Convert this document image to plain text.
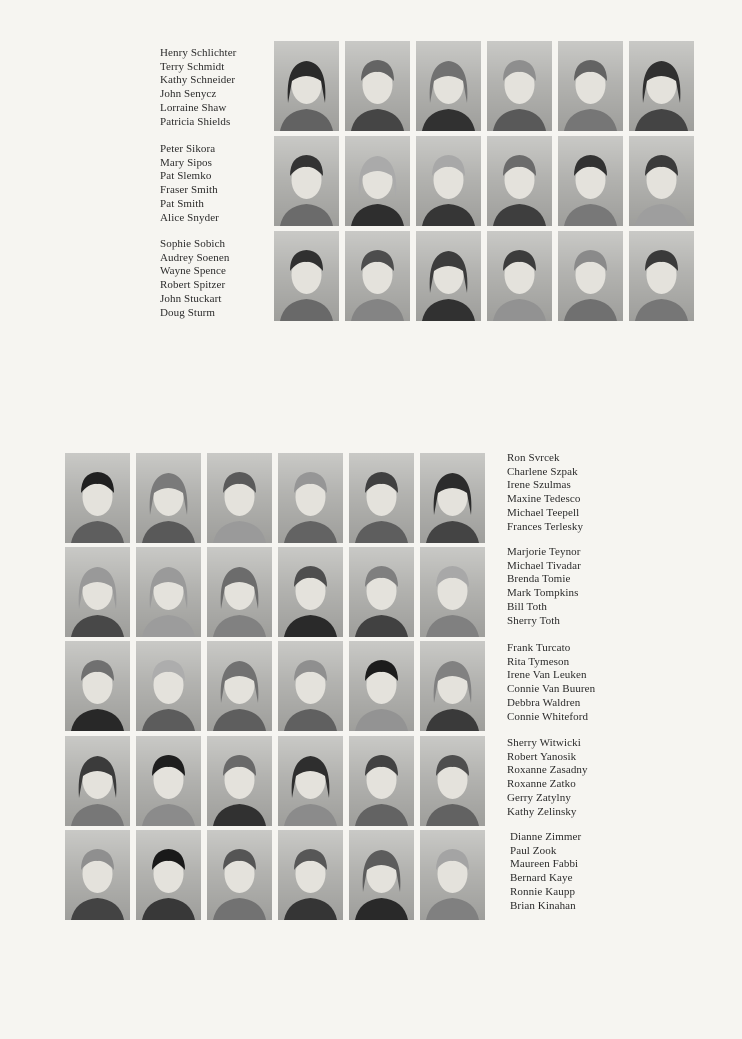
Henry Schlichter
Terry Schmidt
Kathy Schneider
John Senycz
Lorraine Shaw
Patricia Shields
Peter Sikora
Mary Sipos
Pat Slemko
Fraser Smith
Pat Smith
Alice Snyder
Sophie Sobich
Audrey Soenen
Wayne Spence
Robert Spitzer
John Stuckart
Doug Sturm
Ron Svrcek
Charlene Szpak
Irene Szulmas
Maxine Tedesco
Michael Teepell
Frances Terlesky
Marjorie Teynor
Michael Tivadar
Brenda Tomie
Mark Tompkins
Bill Toth
Sherry Toth
Frank Turcato
Rita Tymeson
Irene Van Leuken
Connie Van Buuren
Debbra Waldren
Connie Whiteford
Sherry Witwicki
Robert Yanosik
Roxanne Zasadny
Roxanne Zatko
Gerry Zatylny
Kathy Zelinsky
Dianne Zimmer
Paul Zook
Maureen Fabbi
Bernard Kaye
Ronnie Kaupp
Brian Kinahan
